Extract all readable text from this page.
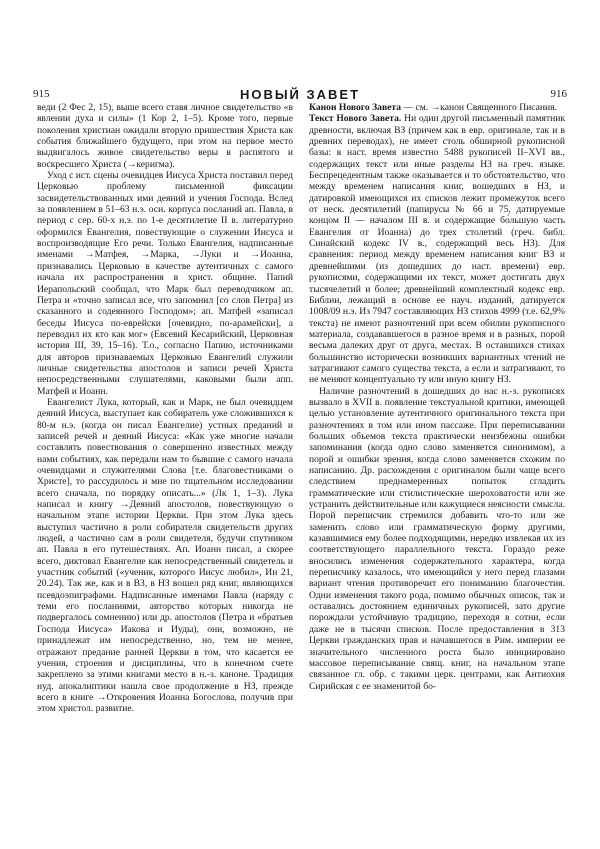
915	НОВЫЙ ЗАВЕТ	916

веди (2 Фес 2, 15), выше всего ставя личное свидетельство «в явлении духа и силы» (1 Кор 2, 1–5). Кроме того, первые поколения христиан ожидали вторую пришествия Христа как события ближайшего будущего, при этом на первое место выдвигалось живое свидетельство веры в распятого и воскресшего Христа (→керигма).

Уход с ист. сцены очевидцев Иисуса Христа поставил перед Церковью проблему письменной фиксации засвидетельствованных ими деяний и учения Господа. Вслед за появлением в 51–63 н.э. осн. корпуса посланий ап. Павла, в период с сер. 60-х н.э. по 1-е десятилетие II в. литературно оформился Евангелия, повествующие о служении Иисуса и воспроизводящие Его речи. Только Евангелия, надписанные именами →Матфея, →Марка, →Луки и →Иоанна, признавались Церковью в качестве аутентичных с самого начала их распространения в христ. общине. Папий Иерапольский сообщал, что Марк был переводчиком ап. Петра и «точно записал все, что запомнил [со слов Петра] из сказанного и содеянного Господом»; ап. Матфей «записал беседы Иисуса по-еврейски [очевидно, по-арамейски], а переводил их кто как мог» (Евсевий Кесарийский, Церковная история III, 39, 15–16). Т.о., согласно Папию, источниками для авторов признаваемых Церковью Евангелий служили личные свидетельства апостолов и записи речей Христа непосредственными слушателями, каковыми были апп. Матфей и Иоанн.

Евангелист Лука, который, как и Марк, не был очевидцем деяний Иисуса, выступает как собиратель уже сложившихся к 80-м н.э. (когда он писал Евангелие) устных преданий и записей речей и деяний Иисуса: «Как уже многие начали составлять повествования о совершенно известных между нами событиях, как передали нам то бывшие с самого начала очевидцами и служителями Слова [т.е. благовестниками о Христе], то рассудилось и мне по тщательном исследовании всего сначала, по порядку описать...» (Лк 1, 1–3). Лука написал и книгу →Деяний апостолов, повествующую о начальном этапе истории Церкви. При этом Лука здесь выступил частично в роли собирателя свидетельств других людей, а частично сам в роли свидетеля, будучи спутником ап. Павла в его путешествиях. Ап. Иоанн писал, а скорее всего, диктовал Евангелие как непосредственный свидетель и участник событий («ученик, которого Иисус любил», Ин 21, 20.24). Так же, как и в ВЗ, в НЗ вошел ряд книг, являющихся псевдоэпиграфами. Надписанные именами Павла (наряду с теми его посланиями, авторство которых никогда не подвергалось сомнению) или др. апостолов (Петра и «братьев Господа Иисуса» Иакова и Иуды), они, возможно, не принадлежат им непосредственно, но, тем не менее, отражают предание ранней Церкви в том, что касается ее учения, строения и дисциплины, что в конечном счете закреплено за этими книгами место в н.-з. каноне. Традиция нуд. апокалиптики нашла свое продолжение в НЗ, прежде всего в книге →Откровения Иоанна Богослова, получив при этом христол. развитие.

Канон Нового Завета — см. →канон Священного Писания.

Текст Нового Завета. Ни один другой письменный памятник древности, включая ВЗ (причем как в евр. оригинале, так и в древних переводах), не имеет столь обширной рукописной базы: в наст. время известно 5488 рукописей II–XVI вв., содержащих текст или иные разделы НЗ на греч. языке. Беспрецедентным также оказывается и то обстоятельство, что между временем написания книг, вошедших в НЗ, и датировкой имеющихся их списков лежит промежуток всего от неск. десятилетий (папирусы № 66 и 75, датируемые концом II — началом III в. и содержащие бо́льшую часть Евангелия от Иоанна) до трех столетий (греч. библ. Синайский кодекс IV в., содержащий весь НЗ). Для сравнения: период между временем написания книг ВЗ и древнейшими (из дошедших до наст. времени) евр. рукописями, содержащими их текст, может достигать двух тысячелетий и более; древнейший комплектный кодекс евр. Библии, лежащий в основе ее науч. изданий, датируется 1008/09 н.э. Из 7947 составляющих НЗ стихов 4999 (т.е. 62,9% текста) не имеют разночтений при всем обилии рукописного материала, создававшегося в разное время и в разных, порой весьма далеких друг от друга, местах. В оставшихся стихах большинство исторически возникших вариантных чтений не затрагивают самого существа текста, а если и затрагивают, то не меняют концептуально ту или иную книгу НЗ.

Наличие разночтений в дошедших до нас н.-з. рукописях вызвало в XVII в. появление текстуальной критики, имеющей целью установление аутентичного оригинального текста при разночтениях в том или ином пассаже. При переписывании больших объемов текста практически неизбежны ошибки запоминания (когда одно слово заменяется синонимом), а порой и ошибки зрения, когда слово заменяется схожим по написанию. Др. расхождения с оригиналом были чаще всего следствием преднамеренных попыток сгладить грамматические или стилистические шероховатости или же устранить действительные или кажущиеся неясности смысла. Порой переписчик стремился добавить что-то или же заменить слово или грамматическую форму другими, казавшимися ему более подходящими, нередко извлекая их из соответствующего параллельного текста. Гораздо реже вносились изменения содержательного характера, когда переписчику казалось, что имеющийся у него перед глазами вариант чтения противоречит его пониманию благочестия. Одни изменения такого рода, помимо обычных описок, так и оставались достоянием единичных рукописей, зато другие порождали устойчивую традицию, переходя в сотни, если даже не в тысячи списков. После предоставления в 313 Церкви гражданских прав и начавшегося в Рим. империи ее значительного численного роста было инициировано массовое переписывание свящ. книг, на начальном этапе связанное гл. обр. с такими церк. центрами, как Антиохия Сирийская с ее знаменитой бо-
